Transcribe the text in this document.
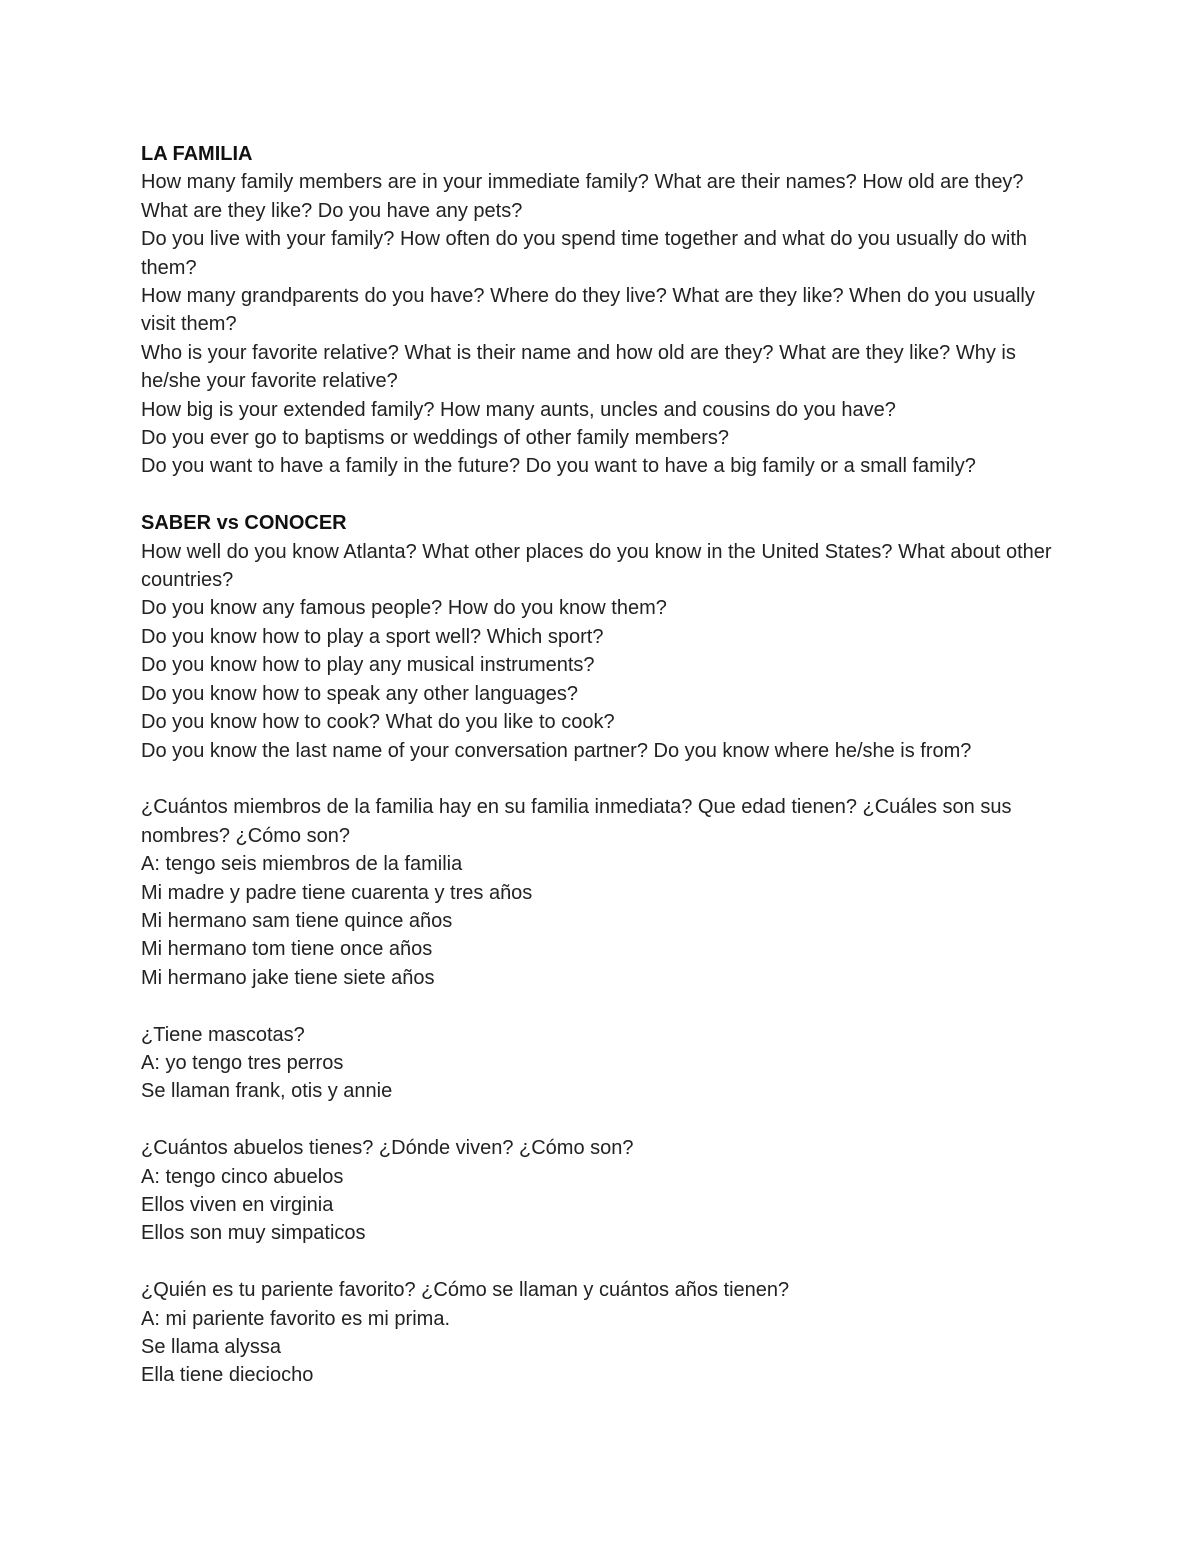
LA FAMILIA

How many family members are in your immediate family? What are their names? How old are they? What are they like? Do you have any pets?

Do you live with your family? How often do you spend time together and what do you usually do with them?

How many grandparents do you have? Where do they live? What are they like? When do you usually visit them?

Who is your favorite relative? What is their name and how old are they? What are they like? Why is he/she your favorite relative?

How big is your extended family? How many aunts, uncles and cousins do you have?

Do you ever go to baptisms or weddings of other family members?

Do you want to have a family in the future? Do you want to have a big family or a small family?

SABER vs CONOCER

How well do you know Atlanta? What other places do you know in the United States? What about other countries?

Do you know any famous people? How do you know them?

Do you know how to play a sport well? Which sport?

Do you know how to play any musical instruments?

Do you know how to speak any other languages?

Do you know how to cook? What do you like to cook?

Do you know the last name of your conversation partner? Do you know where he/she is from?

¿Cuántos miembros de la familia hay en su familia inmediata? Que edad tienen? ¿Cuáles son sus nombres? ¿Cómo son?

A: tengo seis miembros de la familia

Mi madre y padre tiene cuarenta y tres años

Mi hermano sam tiene quince años

Mi hermano tom tiene once años

Mi hermano jake tiene siete años

¿Tiene mascotas?

A: yo tengo tres perros

Se llaman frank, otis y annie

¿Cuántos abuelos tienes? ¿Dónde viven? ¿Cómo son?

A: tengo cinco abuelos

Ellos viven en virginia

Ellos son muy simpaticos

¿Quién es tu pariente favorito? ¿Cómo se llaman y cuántos años tienen?

A: mi pariente favorito es mi prima.

Se llama alyssa

Ella tiene dieciocho
